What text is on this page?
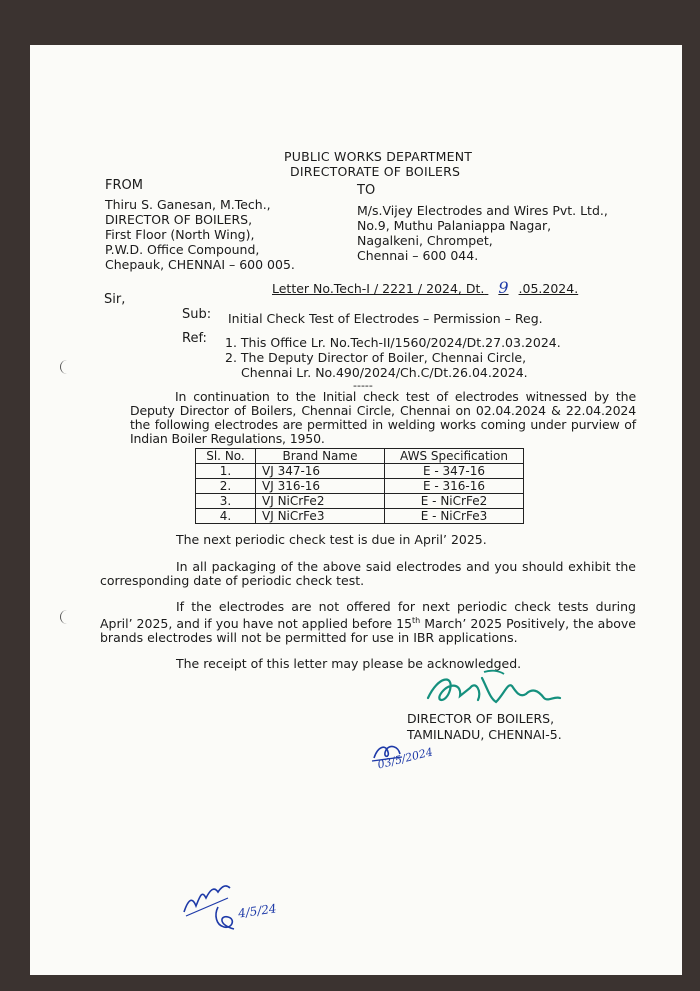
PUBLIC WORKS DEPARTMENT
DIRECTORATE OF BOILERS
FROM
Thiru S. Ganesan, M.Tech.,
DIRECTOR OF BOILERS,
First Floor (North Wing),
P.W.D. Office Compound,
Chepauk, CHENNAI – 600 005.
TO
M/s.Vijey Electrodes and Wires Pvt. Ltd.,
No.9, Muthu Palaniappa Nagar,
Nagalkeni, Chrompet,
Chennai – 600 044.
Letter No.Tech-I / 2221 / 2024, Dt. 9 .05.2024.
Sir,
Sub: Initial Check Test of Electrodes – Permission – Reg.
Ref: 1. This Office Lr. No.Tech-II/1560/2024/Dt.27.03.2024.
2. The Deputy Director of Boiler, Chennai Circle,
Chennai Lr. No.490/2024/Ch.C/Dt.26.04.2024.
-----
In continuation to the Initial check test of electrodes witnessed by the Deputy Director of Boilers, Chennai Circle, Chennai on 02.04.2024 & 22.04.2024 the following electrodes are permitted in welding works coming under purview of Indian Boiler Regulations, 1950.
Sl. No.	Brand Name	AWS Specification
1.	VJ 347-16	E - 347-16
2.	VJ 316-16	E - 316-16
3.	VJ NiCrFe2	E - NiCrFe2
4.	VJ NiCrFe3	E - NiCrFe3
The next periodic check test is due in April’ 2025.
In all packaging of the above said electrodes and you should exhibit the corresponding date of periodic check test.
If the electrodes are not offered for next periodic check tests during April’ 2025, and if you have not applied before 15th March’ 2025 Positively, the above brands electrodes will not be permitted for use in IBR applications.
The receipt of this letter may please be acknowledged.
DIRECTOR OF BOILERS,
TAMILNADU, CHENNAI-5.
03/5/2024
4/5/24
